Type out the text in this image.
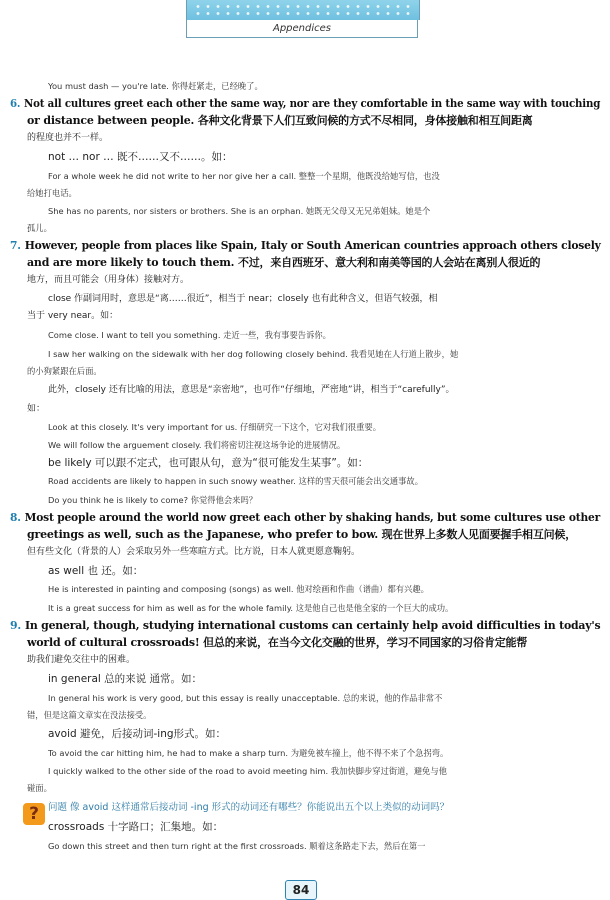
Appendices
?
84
You must dash — you're late. 你得赶紧走，已经晚了。
6. Not all cultures greet each other the same way, nor are they comfortable in the same way with touching
or distance between people. 各种文化背景下人们互致问候的方式不尽相同，身体接触和相互间距离
的程度也并不一样。
not … nor … 既不……又不……。如：
For a whole week he did not write to her nor give her a call. 整整一个星期，他既没给她写信，也没
给她打电话。
She has no parents, nor sisters or brothers. She is an orphan. 她既无父母又无兄弟姐妹。她是个
孤儿。
7. However, people from places like Spain, Italy or South American countries approach others closely
and are more likely to touch them. 不过，来自西班牙、意大利和南美等国的人会站在离别人很近的
地方，而且可能会（用身体）接触对方。
close 作副词用时，意思是“离……很近”，相当于 near；closely 也有此种含义，但语气较强，相
当于 very near。如：
Come close. I want to tell you something. 走近一些，我有事要告诉你。
I saw her walking on the sidewalk with her dog following closely behind. 我看见她在人行道上散步，她
的小狗紧跟在后面。
此外，closely 还有比喻的用法，意思是“亲密地”，也可作“仔细地，严密地”讲，相当于“carefully”。
如：
Look at this closely. It's very important for us. 仔细研究一下这个，它对我们很重要。
We will follow the arguement closely. 我们将密切注视这场争论的进展情况。
be likely 可以跟不定式，也可跟从句，意为“很可能发生某事”。如：
Road accidents are likely to happen in such snowy weather. 这样的雪天很可能会出交通事故。
Do you think he is likely to come? 你觉得他会来吗？
8. Most people around the world now greet each other by shaking hands, but some cultures use other
greetings as well, such as the Japanese, who prefer to bow. 现在世界上多数人见面要握手相互问候，
但有些文化（背景的人）会采取另外一些寒暄方式。比方说，日本人就更愿意鞠躬。
as well 也 还。如：
He is interested in painting and composing (songs) as well. 他对绘画和作曲（谱曲）都有兴趣。
It is a great success for him as well as for the whole family. 这是他自己也是他全家的一个巨大的成功。
9. In general, though, studying international customs can certainly help avoid difficulties in today's
world of cultural crossroads! 但总的来说，在当今文化交融的世界，学习不同国家的习俗肯定能帮
助我们避免交往中的困难。
in general 总的来说 通常。如：
In general his work is very good, but this essay is really unacceptable. 总的来说，他的作品非常不
错，但是这篇文章实在没法接受。
avoid 避免，后接动词-ing形式。如：
To avoid the car hitting him, he had to make a sharp turn. 为避免被车撞上，他不得不来了个急拐弯。
I quickly walked to the other side of the road to avoid meeting him. 我加快脚步穿过街道，避免与他
碰面。
问题 像 avoid 这样通常后接动词 -ing 形式的动词还有哪些？你能说出五个以上类似的动词吗？
crossroads 十字路口；汇集地。如：
Go down this street and then turn right at the first crossroads. 顺着这条路走下去，然后在第一
